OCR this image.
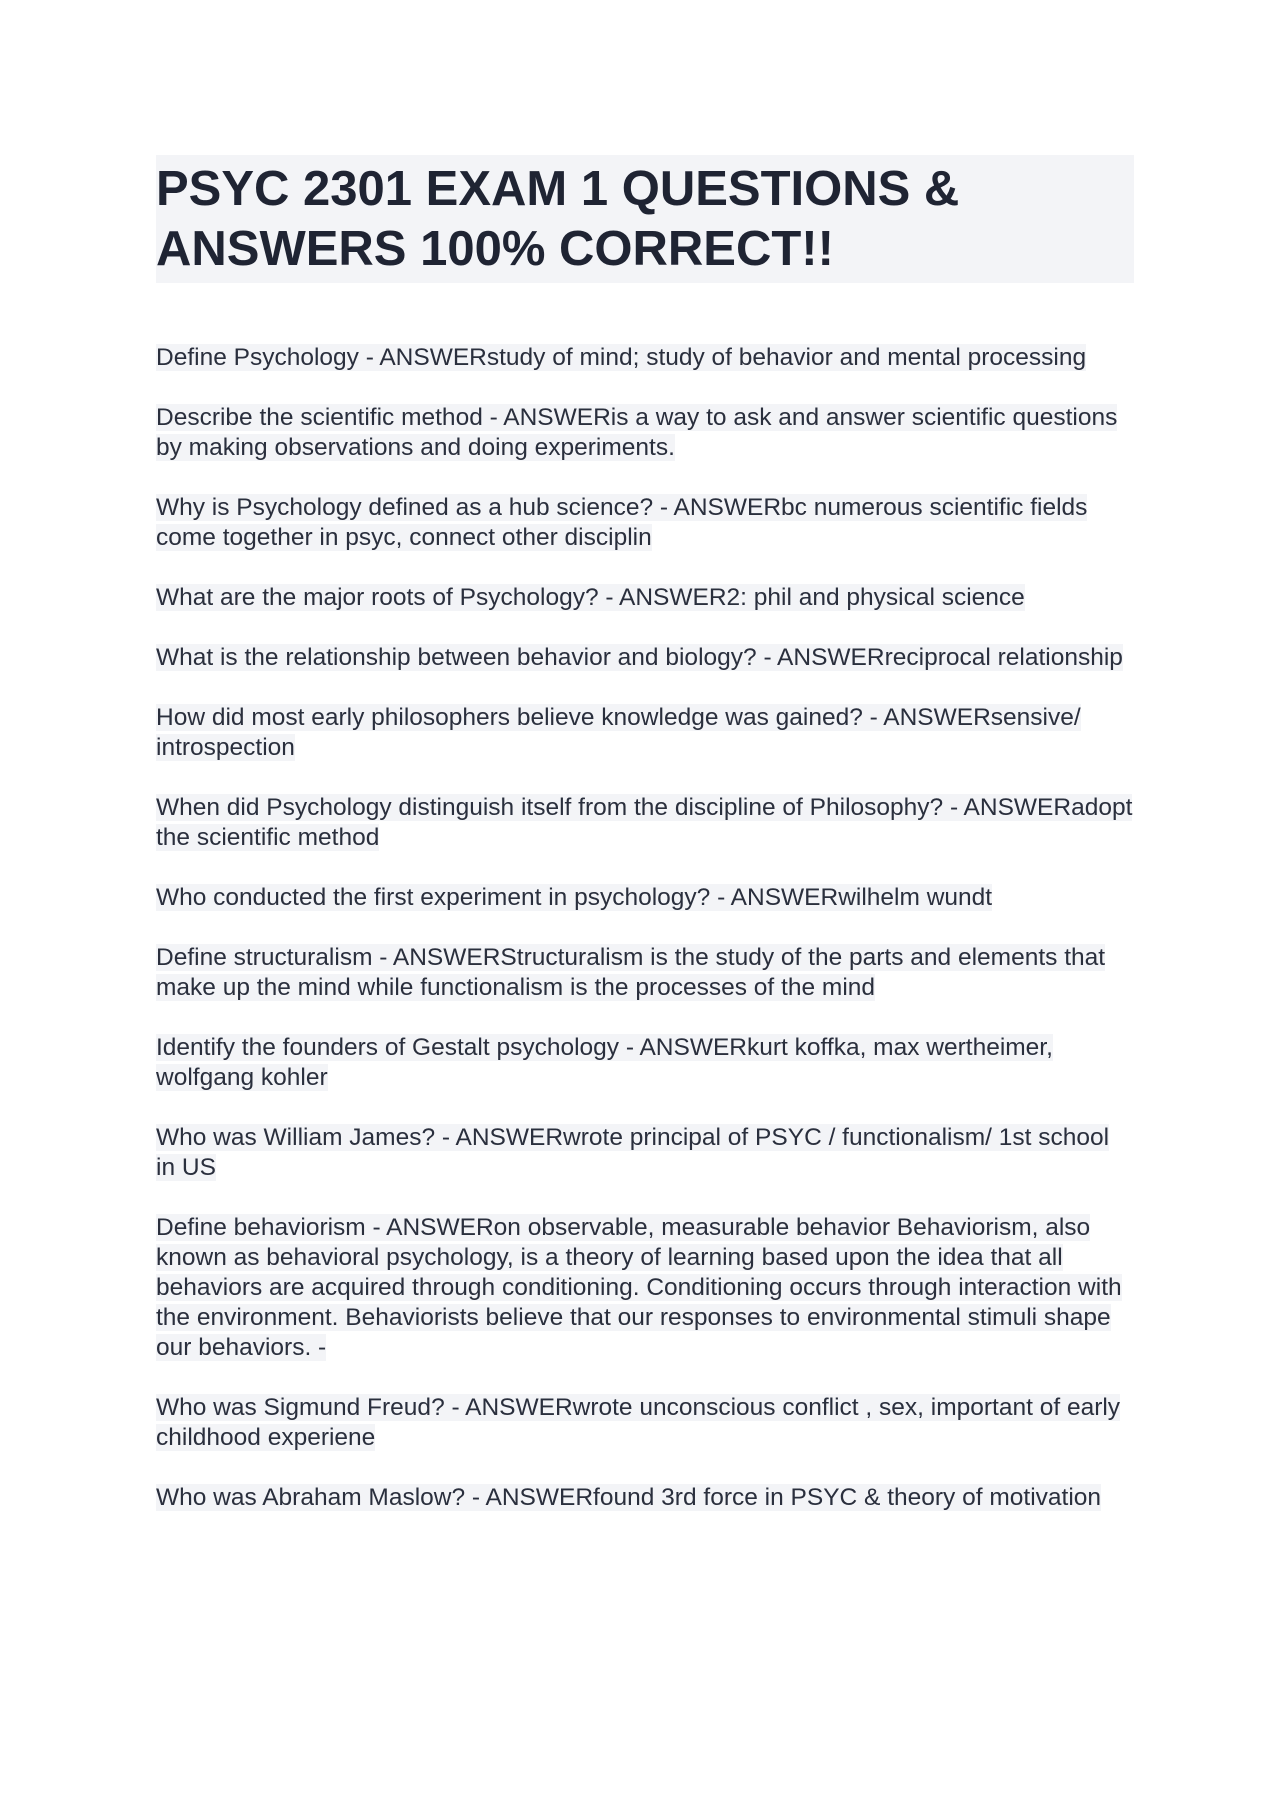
PSYC 2301 EXAM 1 QUESTIONS & ANSWERS 100% CORRECT!!

Define Psychology - ANSWERstudy of mind; study of behavior and mental processing

Describe the scientific method - ANSWERis a way to ask and answer scientific questions by making observations and doing experiments.

Why is Psychology defined as a hub science? - ANSWERbc numerous scientific fields come together in psyc, connect other disciplin

What are the major roots of Psychology? - ANSWER2: phil and physical science

What is the relationship between behavior and biology? - ANSWERreciprocal relationship

How did most early philosophers believe knowledge was gained? - ANSWERsensive/ introspection

When did Psychology distinguish itself from the discipline of Philosophy? - ANSWERadopt the scientific method

Who conducted the first experiment in psychology? - ANSWERwilhelm wundt

Define structuralism - ANSWERStructuralism is the study of the parts and elements that make up the mind while functionalism is the processes of the mind

Identify the founders of Gestalt psychology - ANSWERkurt koffka, max wertheimer, wolfgang kohler

Who was William James? - ANSWERwrote principal of PSYC / functionalism/ 1st school in US

Define behaviorism - ANSWERon observable, measurable behavior Behaviorism, also known as behavioral psychology, is a theory of learning based upon the idea that all behaviors are acquired through conditioning. Conditioning occurs through interaction with the environment. Behaviorists believe that our responses to environmental stimuli shape our behaviors. -

Who was Sigmund Freud? - ANSWERwrote unconscious conflict , sex, important of early childhood experiene

Who was Abraham Maslow? - ANSWERfound 3rd force in PSYC & theory of motivation
